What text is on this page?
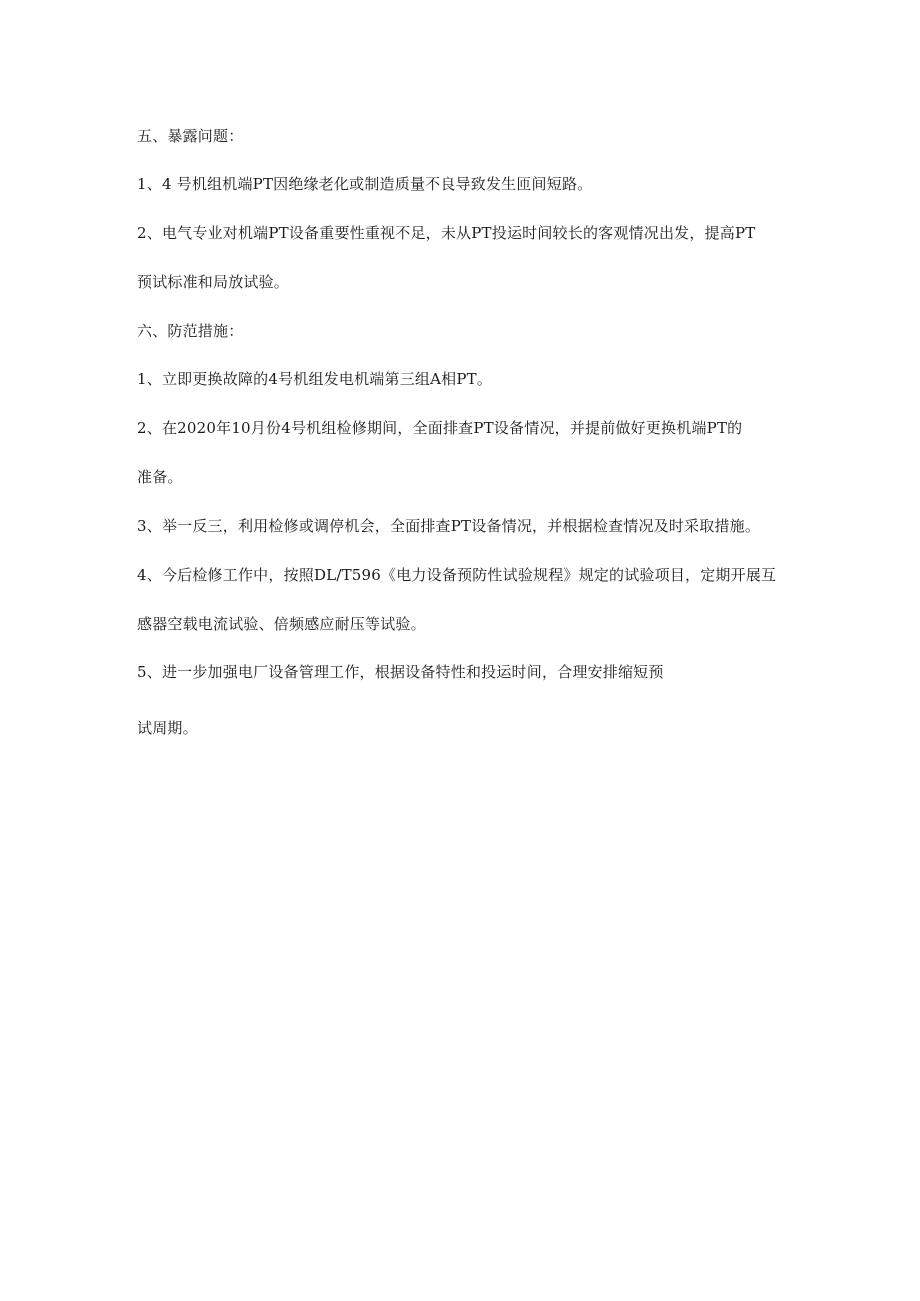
五、暴露问题：
1、4 号机组机端PT因绝缘老化或制造质量不良导致发生匝间短路。
2、电气专业对机端PT设备重要性重视不足，未从PT投运时间较长的客观情况出发，提高PT
预试标准和局放试验。
六、防范措施：
1、立即更换故障的4号机组发电机端第三组A相PT。
2、在2020年10月份4号机组检修期间，全面排查PT设备情况，并提前做好更换机端PT的
准备。
3、举一反三，利用检修或调停机会，全面排查PT设备情况，并根据检查情况及时采取措施。
4、今后检修工作中，按照DL/T596《电力设备预防性试验规程》规定的试验项目，定期开展互
感器空载电流试验、倍频感应耐压等试验。
5、进一步加强电厂设备管理工作，根据设备特性和投运时间，合理安排缩短预
试周期。
